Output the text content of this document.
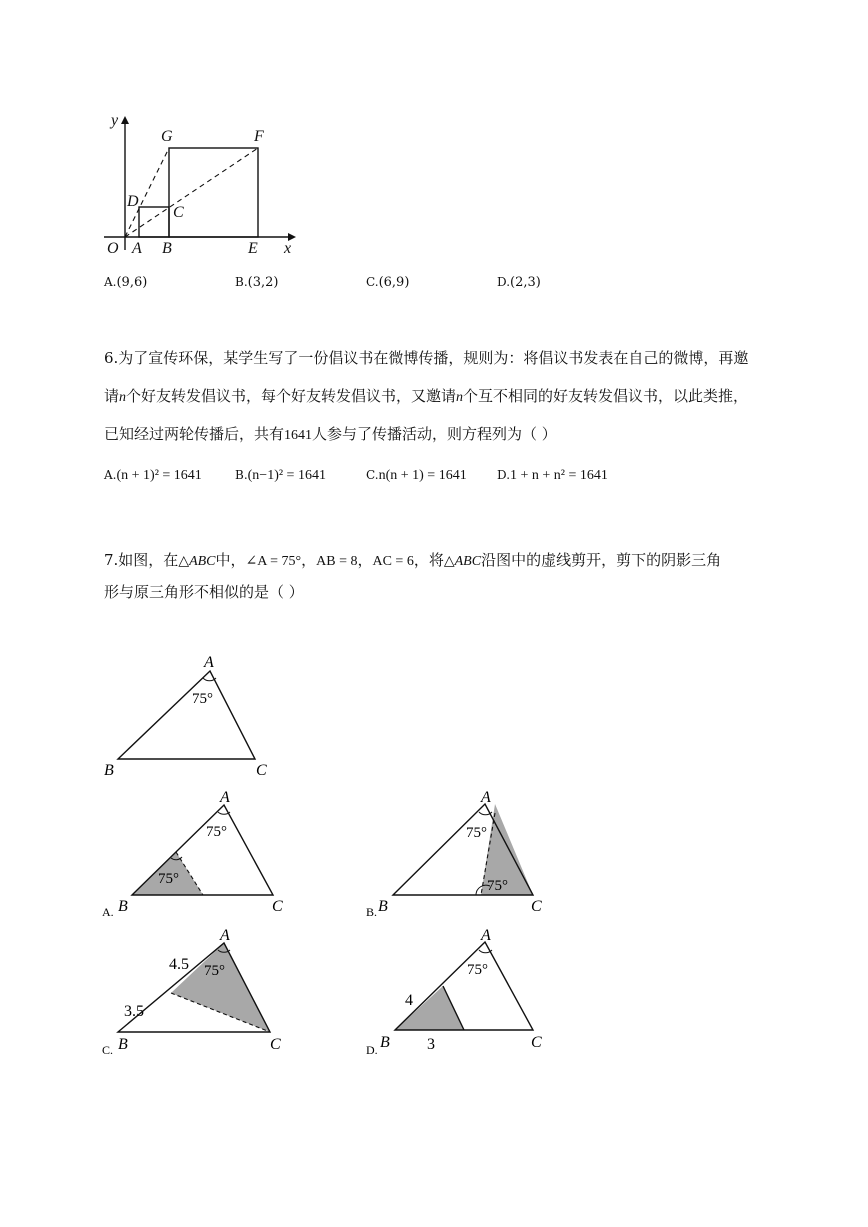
y
x
O A B	E
D
C
G	F
A.(9,6)	B.(3,2)	C.(6,9)	D.(2,3)
6.为了宣传环保，某学生写了一份倡议书在微博传播，规则为：将倡议书发表在自己的微博，再邀
请n个好友转发倡议书，每个好友转发倡议书，又邀请n个互不相同的好友转发倡议书，以此类推，
已知经过两轮传播后，共有1641人参与了传播活动，则方程列为（ ）
A.(n + 1)² = 1641	B.(n−1)² = 1641	C.n(n + 1) = 1641	D.1 + n + n² = 1641
7.如图，在△ABC中，∠A = 75°，AB = 8，AC = 6，将△ABC沿图中的虚线剪开，剪下的阴影三角
形与原三角形不相似的是（ ）
A
B	C
75°
A
B	C
75°
75°
A.
A
B	C
75°
75°
B.
A
B	C
75°
4.5
3.5
C.
A
B	C
75°
4
3
D.
